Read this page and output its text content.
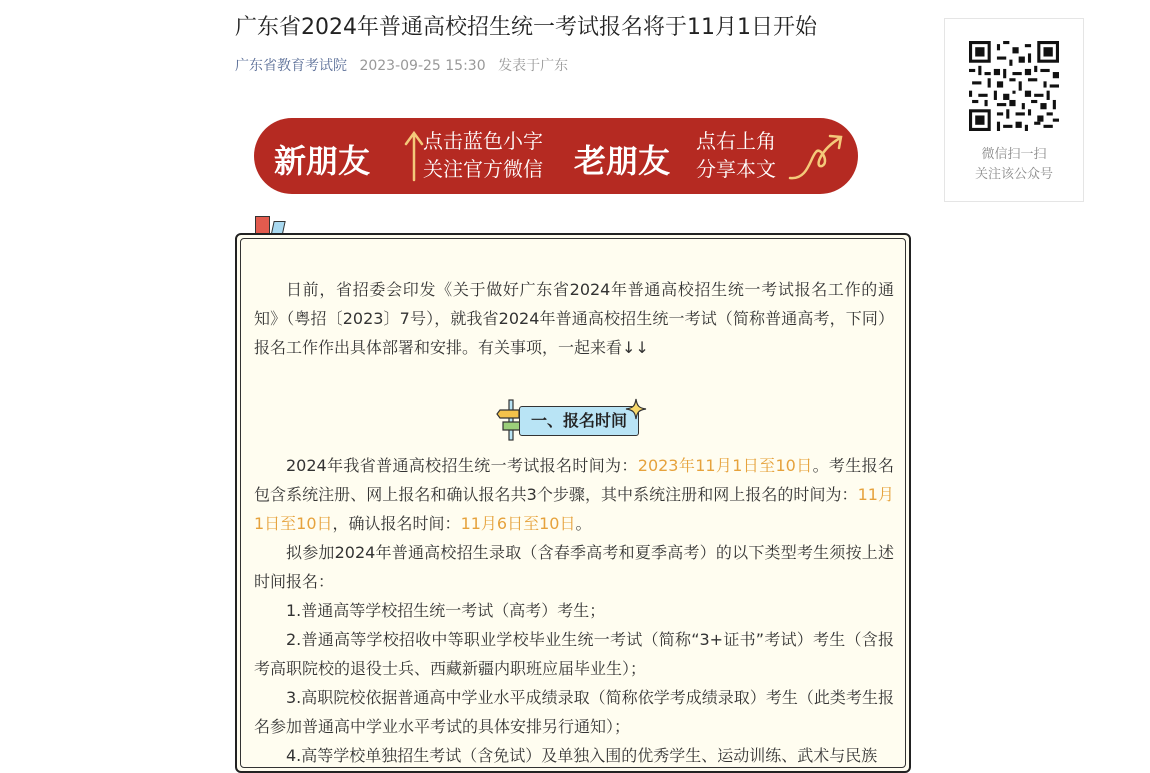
广东省2024年普通高校招生统一考试报名将于11月1日开始
广东省教育考试院 2023-09-25 15:30 发表于广东
新朋友
点击蓝色小字
关注官方微信 老朋友
点右上角
分享本文
微信扫一扫
关注该公众号
日前，省招委会印发《关于做好广东省2024年普通高校招生统一考试报名工作的通知》（粤招〔2023〕7号），就我省2024年普通高校招生统一考试（简称普通高考，下同）报名工作作出具体部署和安排。有关事项，一起来看↓↓
一、报名时间
2024年我省普通高校招生统一考试报名时间为：2023年11月1日至10日。考生报名包含系统注册、网上报名和确认报名共3个步骤，其中系统注册和网上报名的时间为：11月1日至10日，确认报名时间：11月6日至10日。
拟参加2024年普通高校招生录取（含春季高考和夏季高考）的以下类型考生须按上述时间报名：
1.普通高等学校招生统一考试（高考）考生；
2.普通高等学校招收中等职业学校毕业生统一考试（简称“3+证书”考试）考生（含报考高职院校的退役士兵、西藏新疆内职班应届毕业生）；
3.高职院校依据普通高中学业水平成绩录取（简称依学考成绩录取）考生（此类考生报名参加普通高中学业水平考试的具体安排另行通知）；
